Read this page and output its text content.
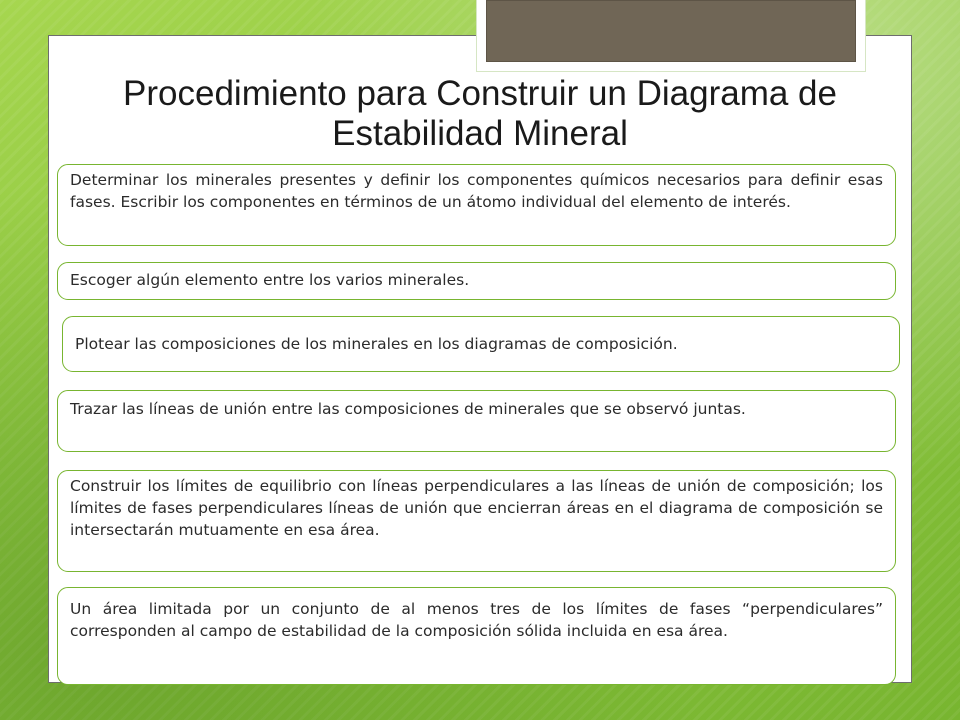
Procedimiento para Construir un Diagrama de Estabilidad Mineral
Determinar los minerales presentes y definir los componentes químicos necesarios para definir esas fases. Escribir los componentes en términos de un átomo individual del elemento de interés.
Escoger algún elemento entre los varios minerales.
Plotear las composiciones de los minerales en los diagramas de composición.
Trazar las líneas de unión entre las composiciones de minerales que se observó juntas.
Construir los límites de equilibrio con líneas perpendiculares a las líneas de unión de composición; los límites de fases perpendiculares líneas de unión que encierran áreas en el diagrama de composición se intersectarán mutuamente en esa área.
Un área limitada por un conjunto de al menos tres de los límites de fases “perpendiculares” corresponden al campo de estabilidad de la composición sólida incluida en esa área.
